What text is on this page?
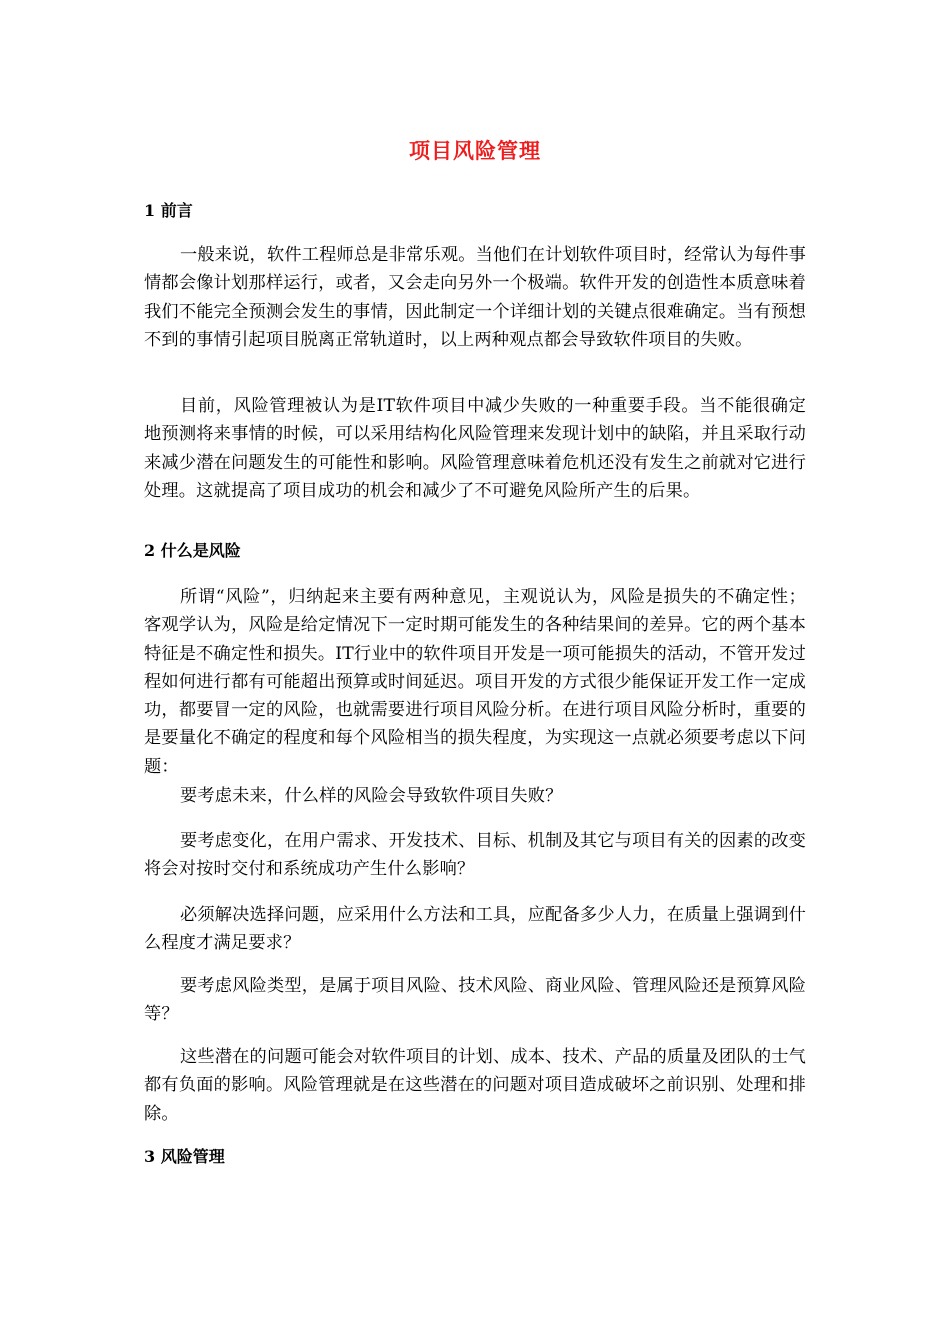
项目风险管理
1 前言

一般来说，软件工程师总是非常乐观。当他们在计划软件项目时，经常认为每件事情都会像计划那样运行，或者，又会走向另外一个极端。软件开发的创造性本质意味着我们不能完全预测会发生的事情，因此制定一个详细计划的关键点很难确定。当有预想不到的事情引起项目脱离正常轨道时，以上两种观点都会导致软件项目的失败。

目前，风险管理被认为是IT软件项目中减少失败的一种重要手段。当不能很确定地预测将来事情的时候，可以采用结构化风险管理来发现计划中的缺陷，并且采取行动来减少潜在问题发生的可能性和影响。风险管理意味着危机还没有发生之前就对它进行处理。这就提高了项目成功的机会和减少了不可避免风险所产生的后果。

2 什么是风险

所谓“风险”，归纳起来主要有两种意见，主观说认为，风险是损失的不确定性；客观学认为，风险是给定情况下一定时期可能发生的各种结果间的差异。它的两个基本特征是不确定性和损失。IT行业中的软件项目开发是一项可能损失的活动，不管开发过程如何进行都有可能超出预算或时间延迟。项目开发的方式很少能保证开发工作一定成功，都要冒一定的风险，也就需要进行项目风险分析。在进行项目风险分析时，重要的是要量化不确定的程度和每个风险相当的损失程度，为实现这一点就必须要考虑以下问题：

要考虑未来，什么样的风险会导致软件项目失败？

要考虑变化，在用户需求、开发技术、目标、机制及其它与项目有关的因素的改变将会对按时交付和系统成功产生什么影响？

必须解决选择问题，应采用什么方法和工具，应配备多少人力，在质量上强调到什么程度才满足要求？

要考虑风险类型，是属于项目风险、技术风险、商业风险、管理风险还是预算风险等？

这些潜在的问题可能会对软件项目的计划、成本、技术、产品的质量及团队的士气都有负面的影响。风险管理就是在这些潜在的问题对项目造成破坏之前识别、处理和排除。

3 风险管理
